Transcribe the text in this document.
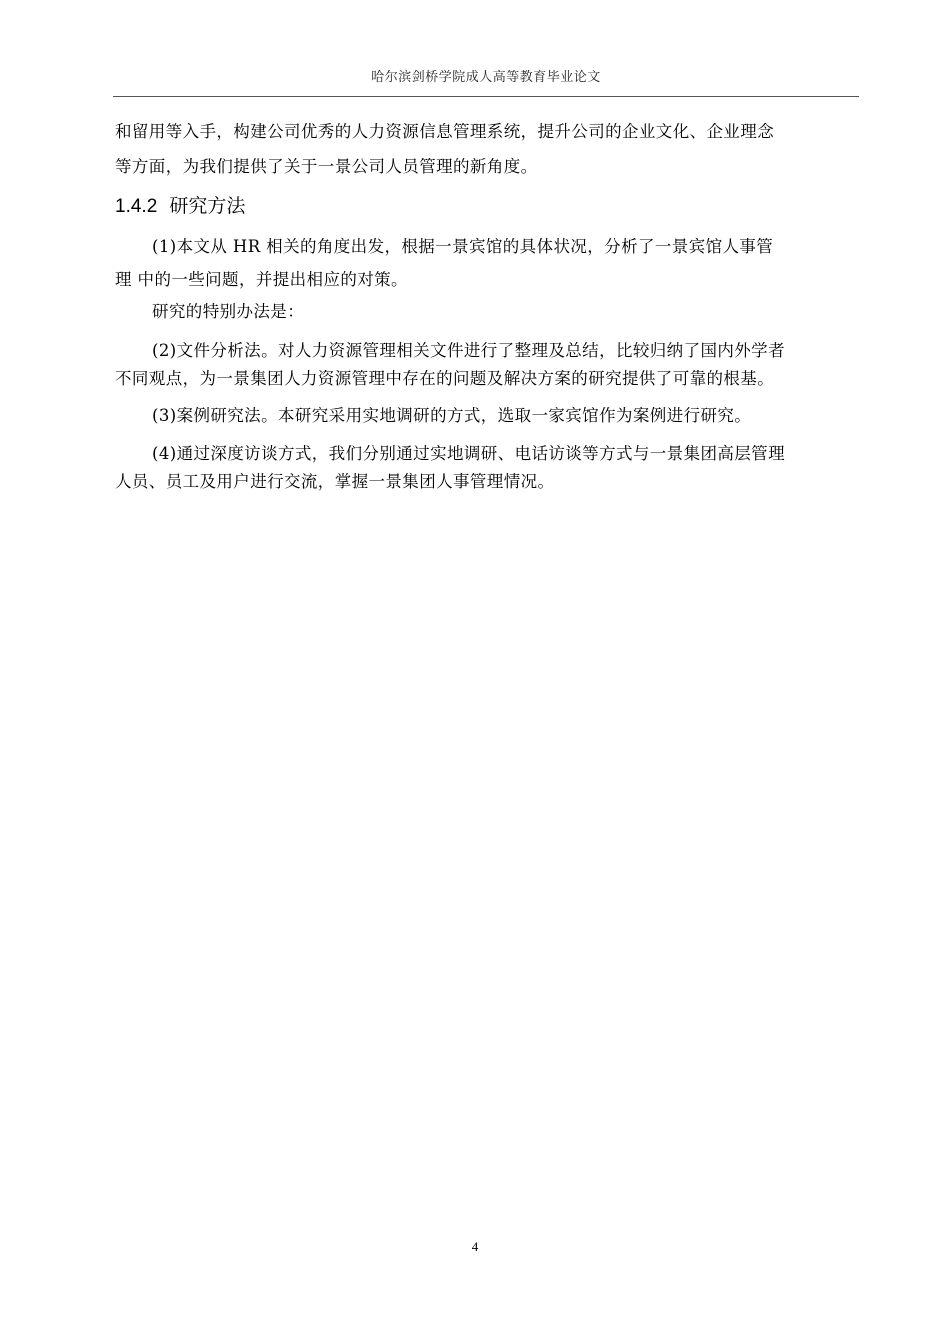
哈尔滨剑桥学院成人高等教育毕业论文

和留用等入手，构建公司优秀的人力资源信息管理系统，提升公司的企业文化、企业理念

等方面，为我们提供了关于一景公司人员管理的新角度。

1.4.2 研究方法

(1)本文从 HR 相关的角度出发，根据一景宾馆的具体状况，分析了一景宾馆人事管

理 中的一些问题，并提出相应的对策。

研究的特别办法是：

(2)文件分析法。对人力资源管理相关文件进行了整理及总结，比较归纳了国内外学者

不同观点，为一景集团人力资源管理中存在的问题及解决方案的研究提供了可靠的根基。

(3)案例研究法。本研究采用实地调研的方式，选取一家宾馆作为案例进行研究。

(4)通过深度访谈方式，我们分别通过实地调研、电话访谈等方式与一景集团高层管理

人员、员工及用户进行交流，掌握一景集团人事管理情况。

4
